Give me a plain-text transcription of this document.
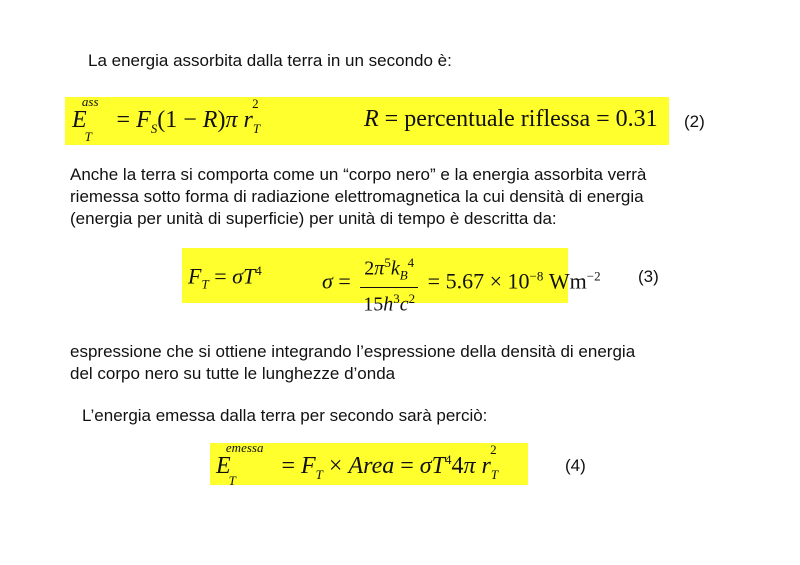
La energia assorbita dalla terra in un secondo è:
$E_T^{ass} = F_S(1 - R)\pi$ $r_T^2$
R = percentuale riflessa = 0.31 (2)
Anche la terra si comporta come un “corpo nero” e la energia assorbita verrà
riemessa sotto forma di radiazione elettromagnetica la cui densità di energia
(energia per unità di superficie) per unità di tempo è descritta da:
$F_T = \sigma T^4$	$\sigma = \frac{2\pi^5k_B^4}{15h^3c^2} = 5.67 \times 10^{-8}$ $Wm^{-2}$ (3)
espressione che si ottiene integrando l’espressione della densità di energia
del corpo nero su tutte le lunghezze d’onda
L’energia emessa dalla terra per secondo sarà perciò:
$E_T^{emessa} = F_T$ × Area = $\sigma T^44\pi$ $r_T^2$
(4)
